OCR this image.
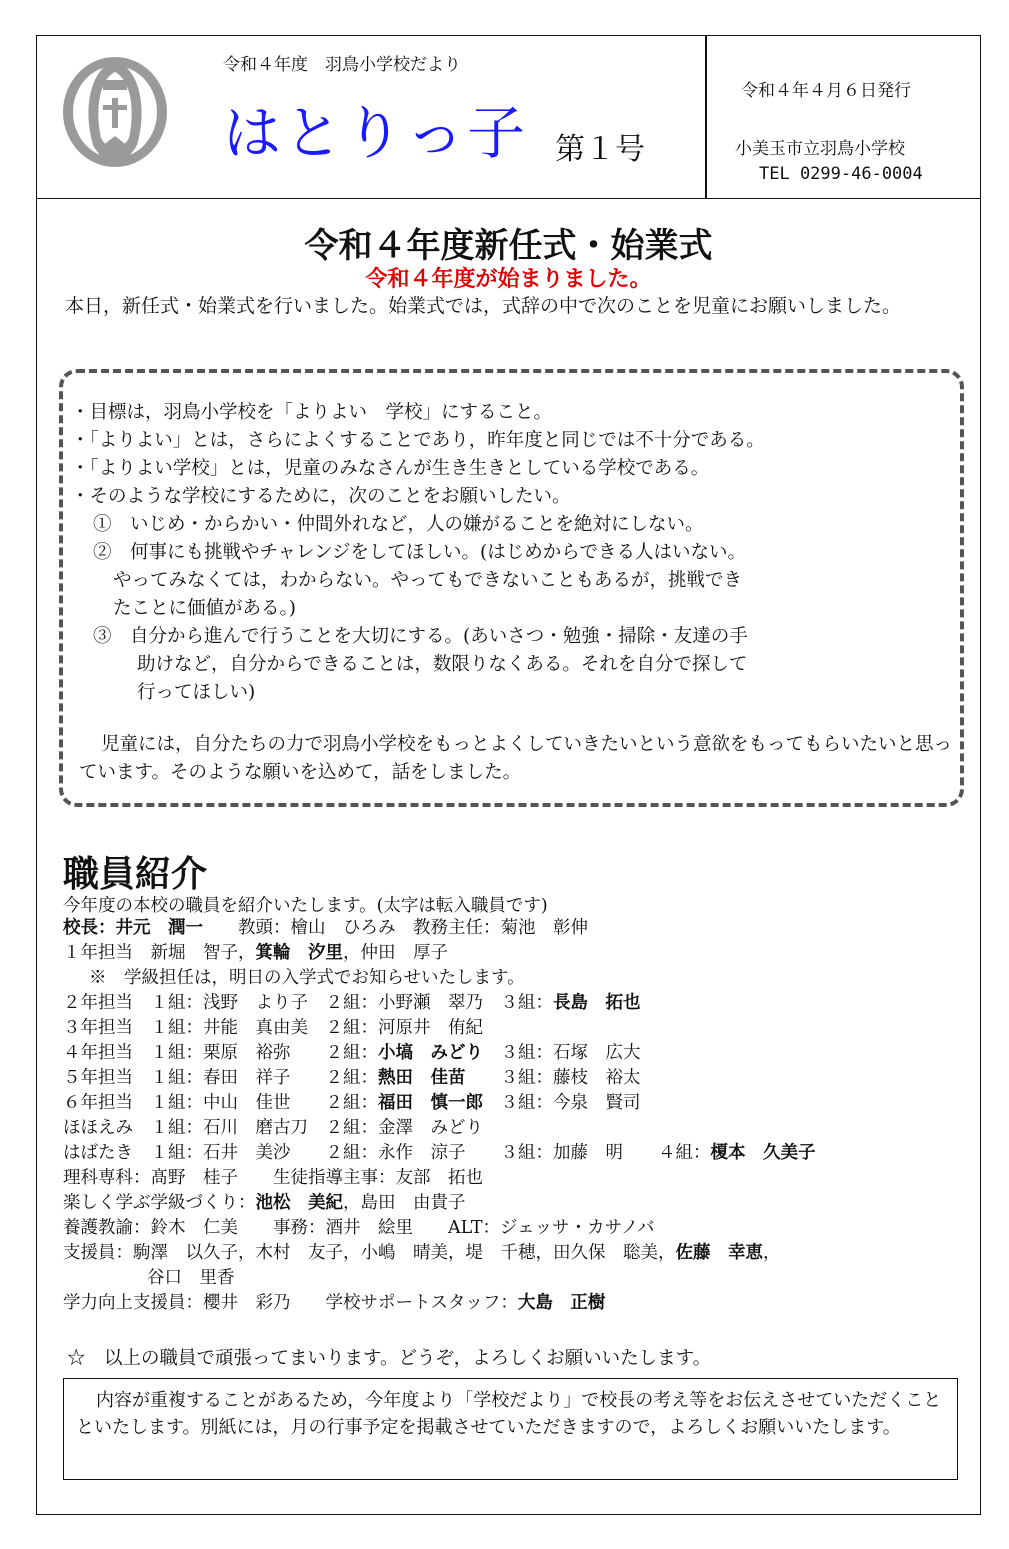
令和４年度　羽鳥小学校だより
はとりっ子 第１号
令和４年４月６日発行
小美玉市立羽鳥小学校
TEL 0299-46-0004
令和４年度新任式・始業式
令和４年度が始まりました。
本日，新任式・始業式を行いました。始業式では，式辞の中で次のことを児童にお願いしました。
・目標は，羽鳥小学校を「よりよい　学校」にすること。
・「よりよい」とは，さらによくすることであり，昨年度と同じでは不十分である。
・「よりよい学校」とは，児童のみなさんが生き生きとしている学校である。
・そのような学校にするために，次のことをお願いしたい。
①　いじめ・からかい・仲間外れなど，人の嫌がることを絶対にしない。
②　何事にも挑戦やチャレンジをしてほしい。(はじめからできる人はいない。
やってみなくては，わからない。やってもできないこともあるが，挑戦でき
たことに価値がある。)
③　自分から進んで行うことを大切にする。(あいさつ・勉強・掃除・友達の手
助けなど，自分からできることは，数限りなくある。それを自分で探して
行ってほしい)
児童には，自分たちの力で羽鳥小学校をもっとよくしていきたいという意欲をもってもらいたいと思っています。そのような願いを込めて，話をしました。
職員紹介
今年度の本校の職員を紹介いたします。(太字は転入職員です)
校長：井元　潤一　　教頭：檜山　ひろみ　教務主任：菊池　彰伸
１年担当　新堀　智子，箕輪　汐里，仲田　厚子
※　学級担任は，明日の入学式でお知らせいたします。
２年担当　１組：浅野　より子　２組：小野瀬　翠乃　３組：長島　拓也
３年担当　１組：井能　真由美　２組：河原井　侑紀
４年担当　１組：栗原　裕弥　　２組：小塙　みどり　３組：石塚　広大
５年担当　１組：春田　祥子　　２組：熱田　佳苗　　３組：藤枝　裕太
６年担当　１組：中山　佳世　　２組：福田　慎一郎　３組：今泉　賢司
ほほえみ　１組：石川　磨古刀　２組：金澤　みどり
はばたき　１組：石井　美沙　　２組：永作　涼子　　３組：加藤　明　　４組：榎本　久美子
理科専科：髙野　桂子　　生徒指導主事：友部　拓也
楽しく学ぶ学級づくり：池松　美紀，島田　由貴子
養護教諭：鈴木　仁美　　事務：酒井　絵里　　ALT：ジェッサ・カサノバ
支援員：駒澤　以久子，木村　友子，小嶋　晴美，堤　千穂，田久保　聡美，佐藤　幸恵，
谷口　里香
学力向上支援員：櫻井　彩乃　　学校サポートスタッフ：大島　正樹
☆　以上の職員で頑張ってまいります。どうぞ，よろしくお願いいたします。
内容が重複することがあるため，今年度より「学校だより」で校長の考え等をお伝えさせていただくことといたします。別紙には，月の行事予定を掲載させていただきますので，よろしくお願いいたします。
